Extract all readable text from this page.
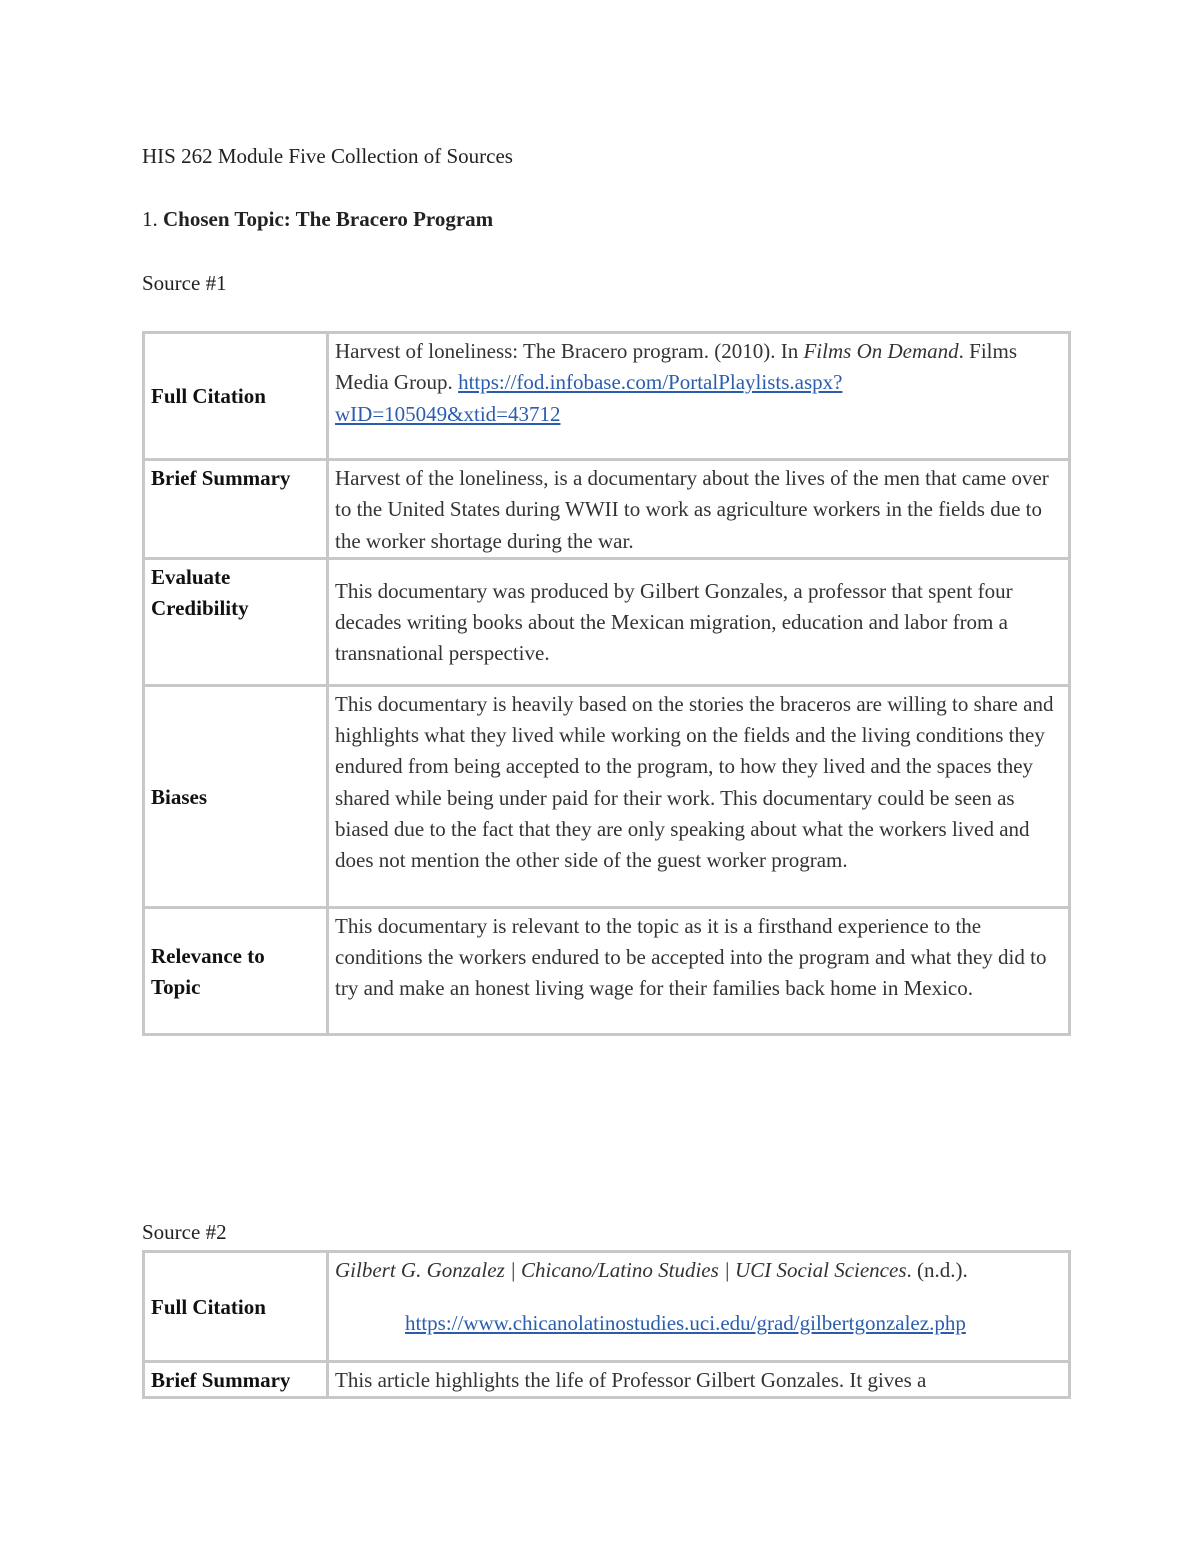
HIS 262 Module Five Collection of Sources
1. Chosen Topic: The Bracero Program
Source #1
Full Citation	Harvest of loneliness: The Bracero program. (2010). In Films On Demand. Films Media Group. https://fod.infobase.com/PortalPlaylists.aspx?wID=105049&xtid=43712
Brief Summary	Harvest of the loneliness, is a documentary about the lives of the men that came over to the United States during WWII to work as agriculture workers in the fields due to the worker shortage during the war.
Evaluate Credibility	This documentary was produced by Gilbert Gonzales, a professor that spent four decades writing books about the Mexican migration, education and labor from a transnational perspective.
Biases	This documentary is heavily based on the stories the braceros are willing to share and highlights what they lived while working on the fields and the living conditions they endured from being accepted to the program, to how they lived and the spaces they shared while being under paid for their work. This documentary could be seen as biased due to the fact that they are only speaking about what the workers lived and does not mention the other side of the guest worker program.
Relevance to Topic	This documentary is relevant to the topic as it is a firsthand experience to the conditions the workers endured to be accepted into the program and what they did to try and make an honest living wage for their families back home in Mexico.
Source #2
Full Citation	Gilbert G. Gonzalez | Chicano/Latino Studies | UCI Social Sciences. (n.d.).
https://www.chicanolatinostudies.uci.edu/grad/gilbertgonzalez.php

Brief Summary	This article highlights the life of Professor Gilbert Gonzales. It gives a
